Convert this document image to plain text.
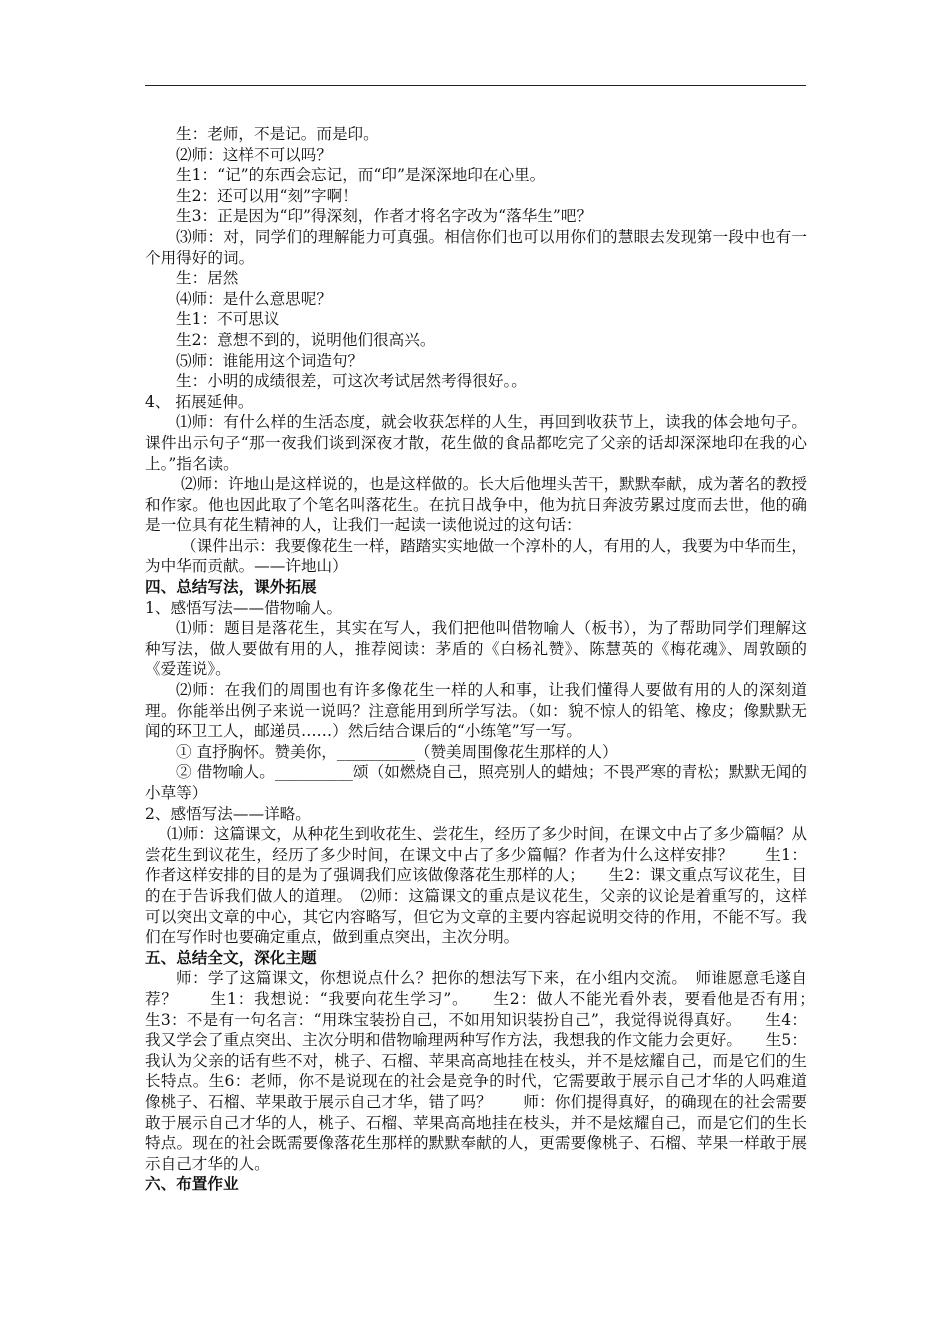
生：老师，不是记。而是印。

⑵师：这样不可以吗？

生1：“记”的东西会忘记，而“印”是深深地印在心里。

生2：还可以用“刻”字啊！

生3：正是因为“印”得深刻，作者才将名字改为“落华生”吧？

⑶师：对，同学们的理解能力可真强。相信你们也可以用你们的慧眼去发现第一段中也有一个用得好的词。

生：居然

⑷师：是什么意思呢？

生1：不可思议

生2：意想不到的，说明他们很高兴。

⑸师：谁能用这个词造句？

生：小明的成绩很差，可这次考试居然考得很好。。

4、 拓展延伸。

⑴师：有什么样的生活态度，就会收获怎样的人生，再回到收获节上，读我的体会地句子。课件出示句子“那一夜我们谈到深夜才散，花生做的食品都吃完了父亲的话却深深地印在我的心上。”指名读。

⑵师：许地山是这样说的，也是这样做的。长大后他埋头苦干，默默奉献，成为著名的教授和作家。他也因此取了个笔名叫落花生。在抗日战争中，他为抗日奔波劳累过度而去世，他的确是一位具有花生精神的人，让我们一起读一读他说过的这句话：

（课件出示：我要像花生一样，踏踏实实地做一个淳朴的人，有用的人，我要为中华而生，为中华而贡献。——许地山）

四、总结写法，课外拓展

1、感悟写法——借物喻人。

⑴师：题目是落花生，其实在写人，我们把他叫借物喻人（板书），为了帮助同学们理解这种写法，做人要做有用的人，推荐阅读：茅盾的《白杨礼赞》、陈慧英的《梅花魂》、周敦颐的《爱莲说》。

⑵师：在我们的周围也有许多像花生一样的人和事，让我们懂得人要做有用的人的深刻道理。你能举出例子来说一说吗？注意能用到所学写法。（如：貌不惊人的铅笔、橡皮；像默默无闻的环卫工人，邮递员……）然后结合课后的“小练笔”写一写。

① 直抒胸怀。赞美你，__________（赞美周围像花生那样的人）

② 借物喻人。__________颂（如燃烧自己，照亮别人的蜡烛；不畏严寒的青松；默默无闻的小草等）

2、感悟写法——详略。

⑴师：这篇课文，从种花生到收花生、尝花生，经历了多少时间，在课文中占了多少篇幅？从尝花生到议花生，经历了多少时间，在课文中占了多少篇幅？作者为什么这样安排？　　生1：作者这样安排的目的是为了强调我们应该做像落花生那样的人；　　生2：课文重点写议花生，目的在于告诉我们做人的道理。　⑵师：这篇课文的重点是议花生，父亲的议论是着重写的，这样可以突出文章的中心，其它内容略写，但它为文章的主要内容起说明交待的作用，不能不写。我们在写作时也要确定重点，做到重点突出，主次分明。

五、总结全文，深化主题

师：学了这篇课文，你想说点什么？把你的想法写下来，在小组内交流。　师谁愿意毛遂自荐？　　生1：我想说：“我要向花生学习”。　　生2：做人不能光看外表，要看他是否有用；　　生3：不是有一句名言：“用珠宝装扮自己，不如用知识装扮自己”，我觉得说得真好。　　生4：我又学会了重点突出、主次分明和借物喻理两种写作方法，我想我的作文能力会更好。　　生5：我认为父亲的话有些不对，桃子、石榴、苹果高高地挂在枝头，并不是炫耀自己，而是它们的生长特点。生6：老师，你不是说现在的社会是竞争的时代，它需要敢于展示自己才华的人吗难道像桃子、石榴、苹果敢于展示自己才华，错了吗？　　师：你们提得真好，的确现在的社会需要敢于展示自己才华的人，桃子、石榴、苹果高高地挂在枝头，并不是炫耀自己，而是它们的生长特点。现在的社会既需要像落花生那样的默默奉献的人，更需要像桃子、石榴、苹果一样敢于展示自己才华的人。

六、布置作业
